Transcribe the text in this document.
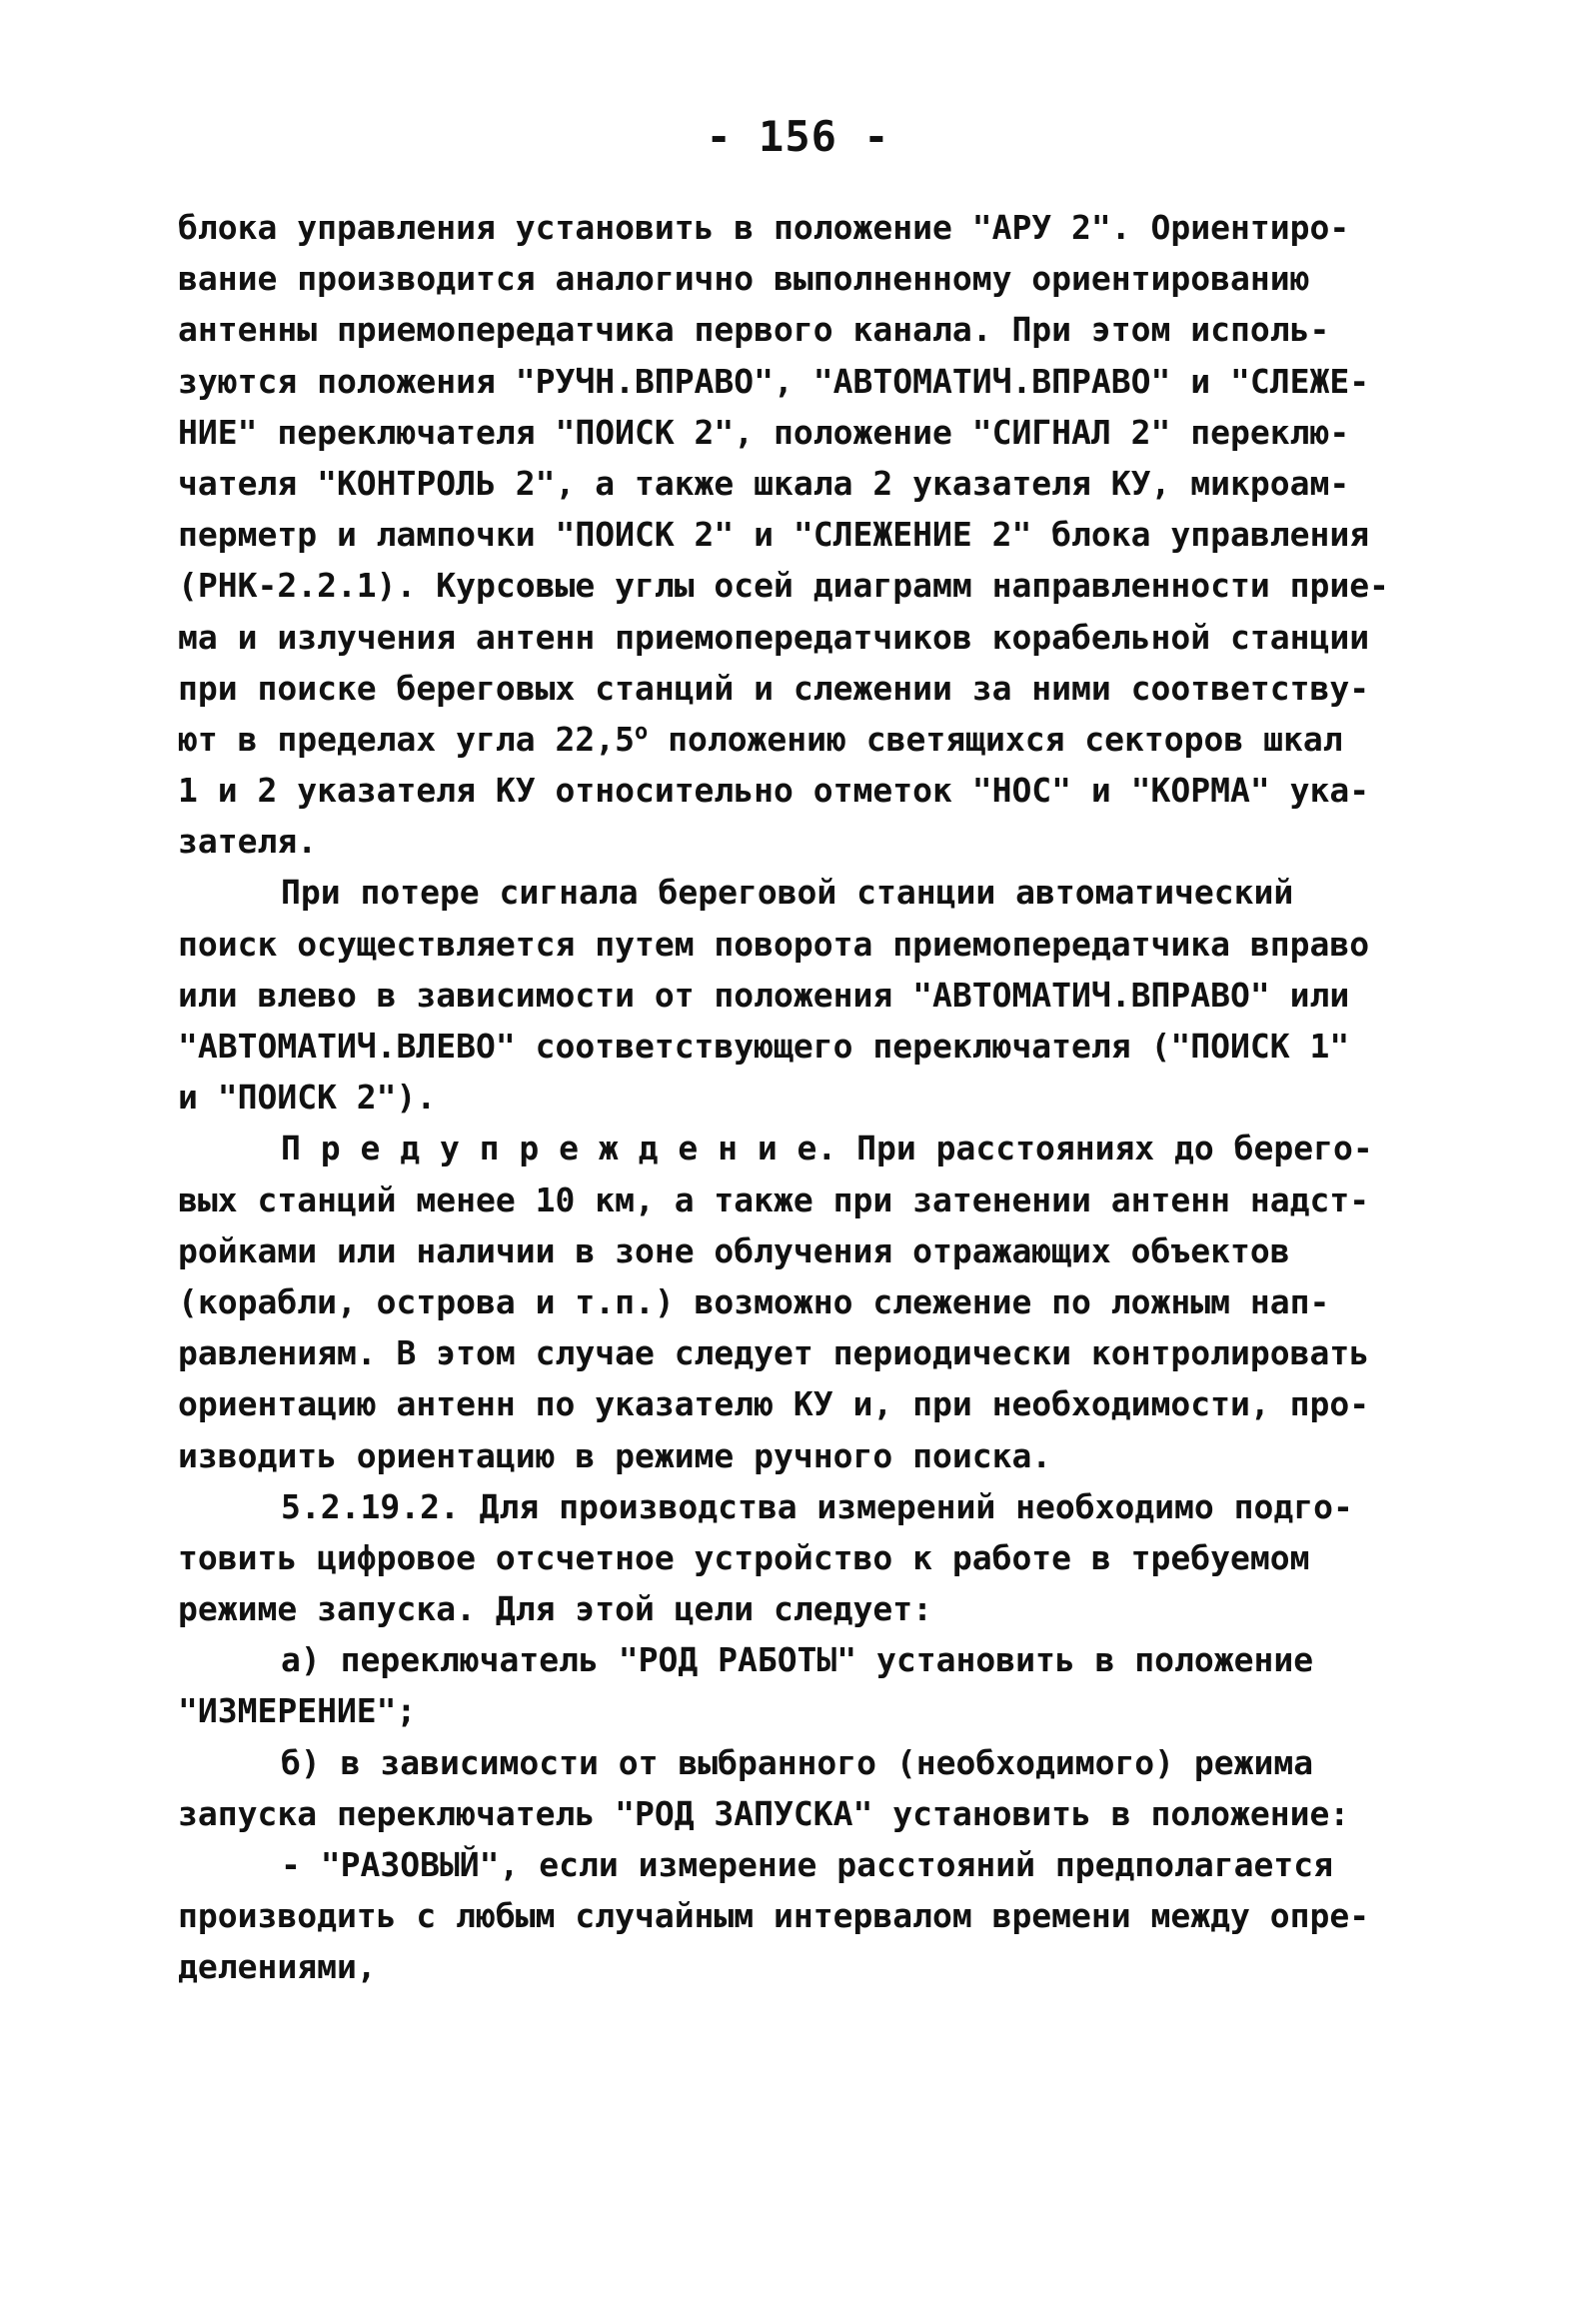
- 156 -
блока управления установить в положение "АРУ 2". Ориентиро-
вание производится аналогично выполненному ориентированию
антенны приемопередатчика первого канала. При этом исполь-
зуются положения "РУЧН.ВПРАВО", "АВТОМАТИЧ.ВПРАВО" и "СЛЕЖЕ-
НИЕ" переключателя "ПОИСК 2", положение "СИГНАЛ 2" переклю-
чателя "КОНТРОЛЬ 2", а также шкала 2 указателя КУ, микроам-
перметр и лампочки "ПОИСК 2" и "СЛЕЖЕНИЕ 2" блока управления
(РНК-2.2.1). Курсовые углы осей диаграмм направленности прие-
ма и излучения антенн приемопередатчиков корабельной станции
при поиске береговых станций и слежении за ними соответству-
ют в пределах угла $22,5^о$ положению светящихся секторов шкал
1 и 2 указателя КУ относительно отметок "НОС" и "КОРМА" ука-
зателя.
При потере сигнала береговой станции автоматический
поиск осуществляется путем поворота приемопередатчика вправо
или влево в зависимости от положения "АВТОМАТИЧ.ВПРАВО" или
"АВТОМАТИЧ.ВЛЕВО" соответствующего переключателя ("ПОИСК 1"
и "ПОИСК 2").
П р е д у п р е ж д е н и е. При расстояниях до берего-
вых станций менее 10 км, а также при затенении антенн надст-
ройками или наличии в зоне облучения отражающих объектов
(корабли, острова и т.п.) возможно слежение по ложным нап-
равлениям. В этом случае следует периодически контролировать
ориентацию антенн по указателю КУ и, при необходимости, про-
изводить ориентацию в режиме ручного поиска.
5.2.19.2. Для производства измерений необходимо подго-
товить цифровое отсчетное устройство к работе в требуемом
режиме запуска. Для этой цели следует:
а) переключатель "РОД РАБОТЫ" установить в положение
"ИЗМЕРЕНИЕ";
б) в зависимости от выбранного (необходимого) режима
запуска переключатель "РОД ЗАПУСКА" установить в положение:
- "РАЗОВЫЙ", если измерение расстояний предполагается
производить с любым случайным интервалом времени между опре-
делениями,
